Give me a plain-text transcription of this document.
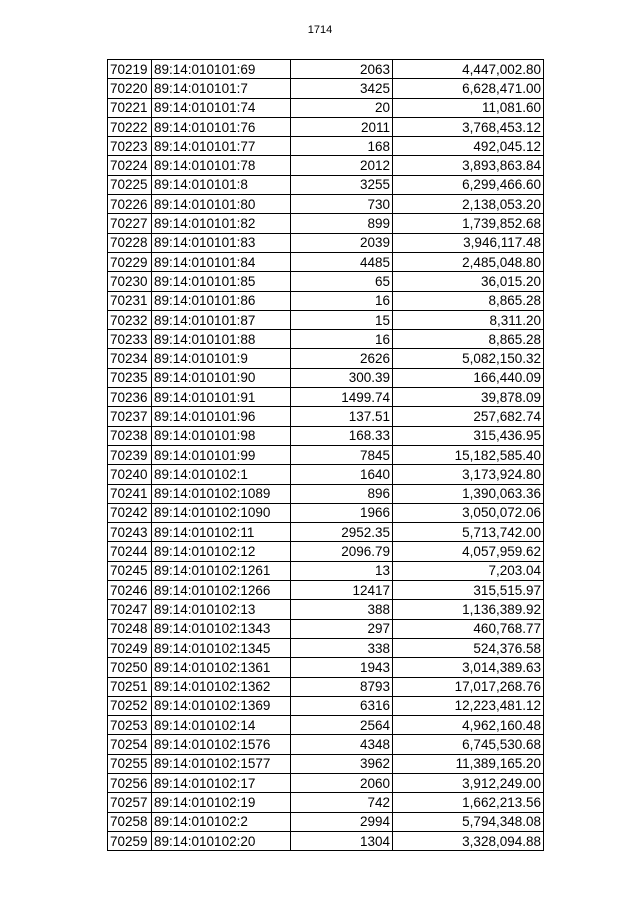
1714
70219	89:14:010101:69	2063	4,447,002.80
70220	89:14:010101:7	3425	6,628,471.00
70221	89:14:010101:74	20	11,081.60
70222	89:14:010101:76	2011	3,768,453.12
70223	89:14:010101:77	168	492,045.12
70224	89:14:010101:78	2012	3,893,863.84
70225	89:14:010101:8	3255	6,299,466.60
70226	89:14:010101:80	730	2,138,053.20
70227	89:14:010101:82	899	1,739,852.68
70228	89:14:010101:83	2039	3,946,117.48
70229	89:14:010101:84	4485	2,485,048.80
70230	89:14:010101:85	65	36,015.20
70231	89:14:010101:86	16	8,865.28
70232	89:14:010101:87	15	8,311.20
70233	89:14:010101:88	16	8,865.28
70234	89:14:010101:9	2626	5,082,150.32
70235	89:14:010101:90	300.39	166,440.09
70236	89:14:010101:91	1499.74	39,878.09
70237	89:14:010101:96	137.51	257,682.74
70238	89:14:010101:98	168.33	315,436.95
70239	89:14:010101:99	7845	15,182,585.40
70240	89:14:010102:1	1640	3,173,924.80
70241	89:14:010102:1089	896	1,390,063.36
70242	89:14:010102:1090	1966	3,050,072.06
70243	89:14:010102:11	2952.35	5,713,742.00
70244	89:14:010102:12	2096.79	4,057,959.62
70245	89:14:010102:1261	13	7,203.04
70246	89:14:010102:1266	12417	315,515.97
70247	89:14:010102:13	388	1,136,389.92
70248	89:14:010102:1343	297	460,768.77
70249	89:14:010102:1345	338	524,376.58
70250	89:14:010102:1361	1943	3,014,389.63
70251	89:14:010102:1362	8793	17,017,268.76
70252	89:14:010102:1369	6316	12,223,481.12
70253	89:14:010102:14	2564	4,962,160.48
70254	89:14:010102:1576	4348	6,745,530.68
70255	89:14:010102:1577	3962	11,389,165.20
70256	89:14:010102:17	2060	3,912,249.00
70257	89:14:010102:19	742	1,662,213.56
70258	89:14:010102:2	2994	5,794,348.08
70259	89:14:010102:20	1304	3,328,094.88
